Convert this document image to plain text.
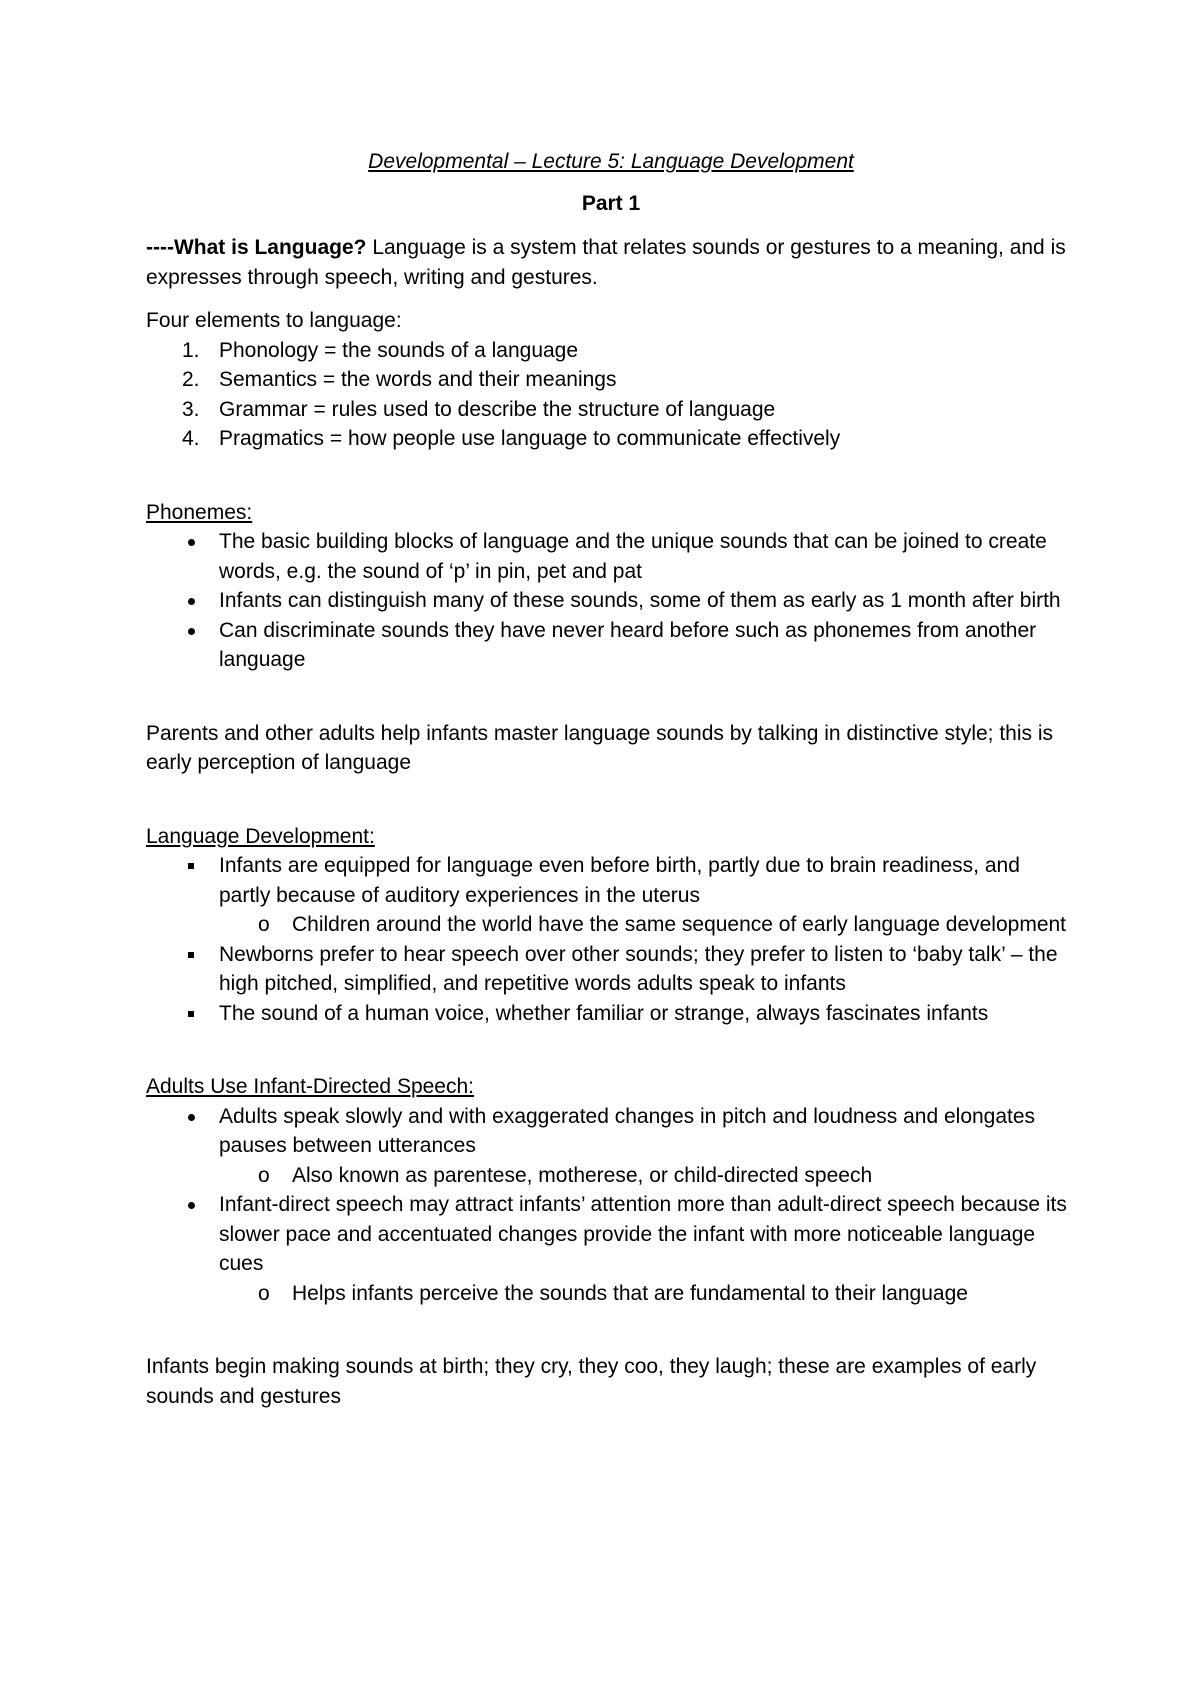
Developmental – Lecture 5: Language Development

Part 1

----What is Language? Language is a system that relates sounds or gestures to a meaning, and is expresses through speech, writing and gestures.

Four elements to language:

1. Phonology = the sounds of a language
2. Semantics = the words and their meanings
3. Grammar = rules used to describe the structure of language
4. Pragmatics = how people use language to communicate effectively

Phonemes:

The basic building blocks of language and the unique sounds that can be joined to create words, e.g. the sound of ‘p’ in pin, pet and pat
Infants can distinguish many of these sounds, some of them as early as 1 month after birth
Can discriminate sounds they have never heard before such as phonemes from another language

Parents and other adults help infants master language sounds by talking in distinctive style; this is early perception of language

Language Development:

Infants are equipped for language even before birth, partly due to brain readiness, and partly because of auditory experiences in the uterus
o Children around the world have the same sequence of early language development
Newborns prefer to hear speech over other sounds; they prefer to listen to ‘baby talk’ – the high pitched, simplified, and repetitive words adults speak to infants
The sound of a human voice, whether familiar or strange, always fascinates infants

Adults Use Infant-Directed Speech:

Adults speak slowly and with exaggerated changes in pitch and loudness and elongates pauses between utterances
o Also known as parentese, motherese, or child-directed speech
Infant-direct speech may attract infants’ attention more than adult-direct speech because its slower pace and accentuated changes provide the infant with more noticeable language cues
o Helps infants perceive the sounds that are fundamental to their language

Infants begin making sounds at birth; they cry, they coo, they laugh; these are examples of early sounds and gestures
